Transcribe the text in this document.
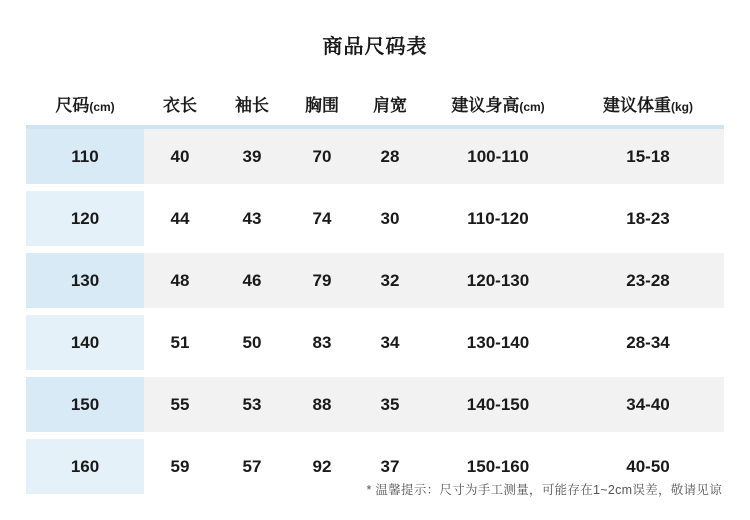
商品尺码表
尺码(cm)	衣长	袖长	胸围	肩宽	建议身高(cm)	建议体重(kg)

110	40	39	70	28	100-110	15-18

120	44	43	74	30	110-120	18-23

130	48	46	79	32	120-130	23-28

140	51	50	83	34	130-140	28-34

150	55	53	88	35	140-150	34-40

160	59	57	92	37	150-160	40-50
* 温馨提示：尺寸为手工测量，可能存在1~2cm误差，敬请见谅
